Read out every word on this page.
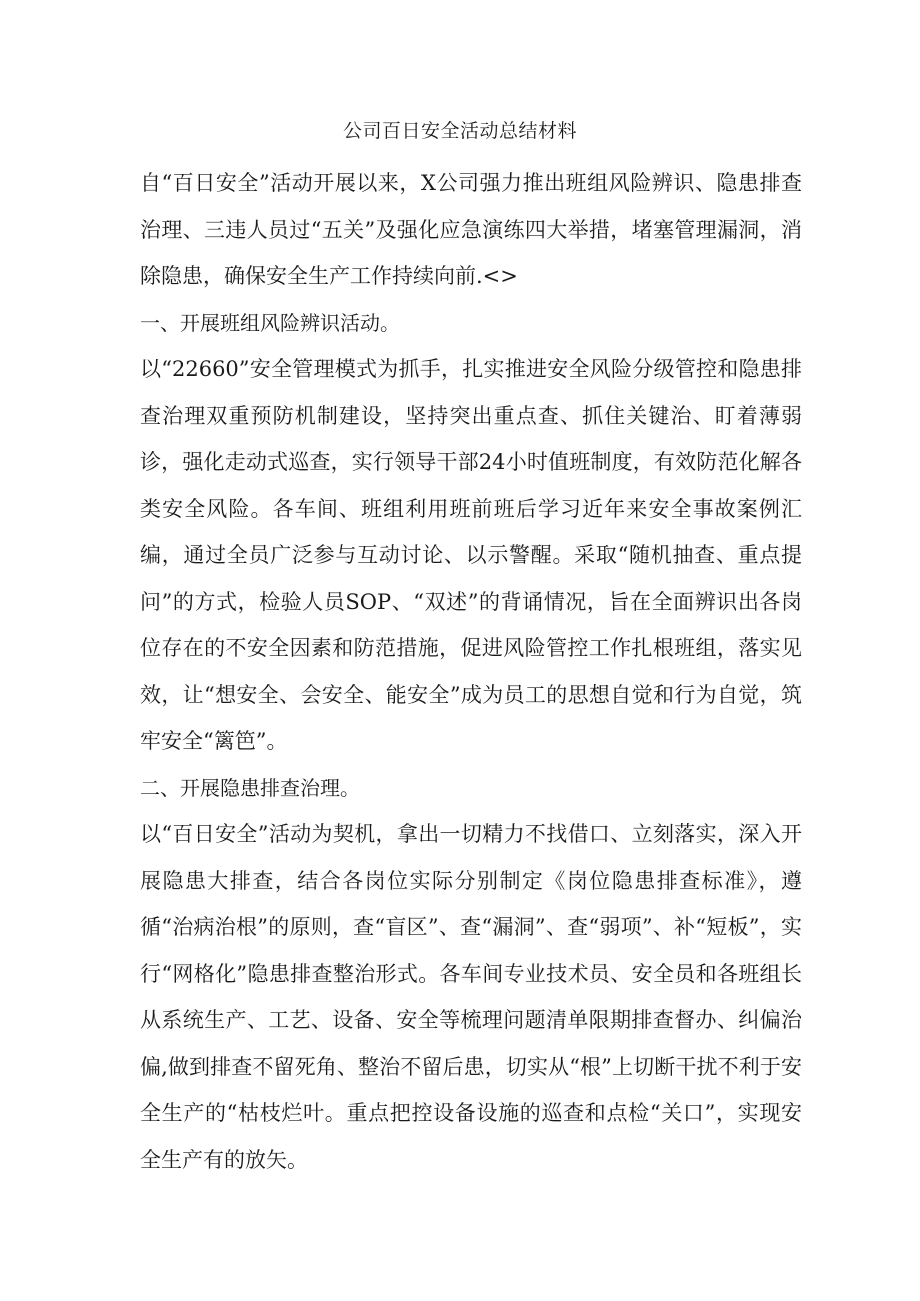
公司百日安全活动总结材料

自“百日安全”活动开展以来，X公司强力推出班组风险辨识、隐患排查治理、三违人员过“五关”及强化应急演练四大举措，堵塞管理漏洞，消除隐患，确保安全生产工作持续向前.<>

一、开展班组风险辨识活动。

以“22660”安全管理模式为抓手，扎实推进安全风险分级管控和隐患排查治理双重预防机制建设，坚持突出重点查、抓住关键治、盯着薄弱诊，强化走动式巡查，实行领导干部24小时值班制度，有效防范化解各类安全风险。各车间、班组利用班前班后学习近年来安全事故案例汇编，通过全员广泛参与互动讨论、以示警醒。采取“随机抽查、重点提问”的方式，检验人员SOP、“双述”的背诵情况，旨在全面辨识出各岗位存在的不安全因素和防范措施，促进风险管控工作扎根班组，落实见效，让“想安全、会安全、能安全”成为员工的思想自觉和行为自觉，筑牢安全“篱笆”。

二、开展隐患排查治理。

以“百日安全”活动为契机，拿出一切精力不找借口、立刻落实，深入开展隐患大排查，结合各岗位实际分别制定《岗位隐患排查标准》，遵循“治病治根”的原则，查“盲区”、查“漏洞”、查“弱项”、补“短板”，实行“网格化”隐患排查整治形式。各车间专业技术员、安全员和各班组长从系统生产、工艺、设备、安全等梳理问题清单限期排查督办、纠偏治偏,做到排查不留死角、整治不留后患，切实从“根”上切断干扰不利于安全生产的“枯枝烂叶。重点把控设备设施的巡查和点检“关口”，实现安全生产有的放矢。
